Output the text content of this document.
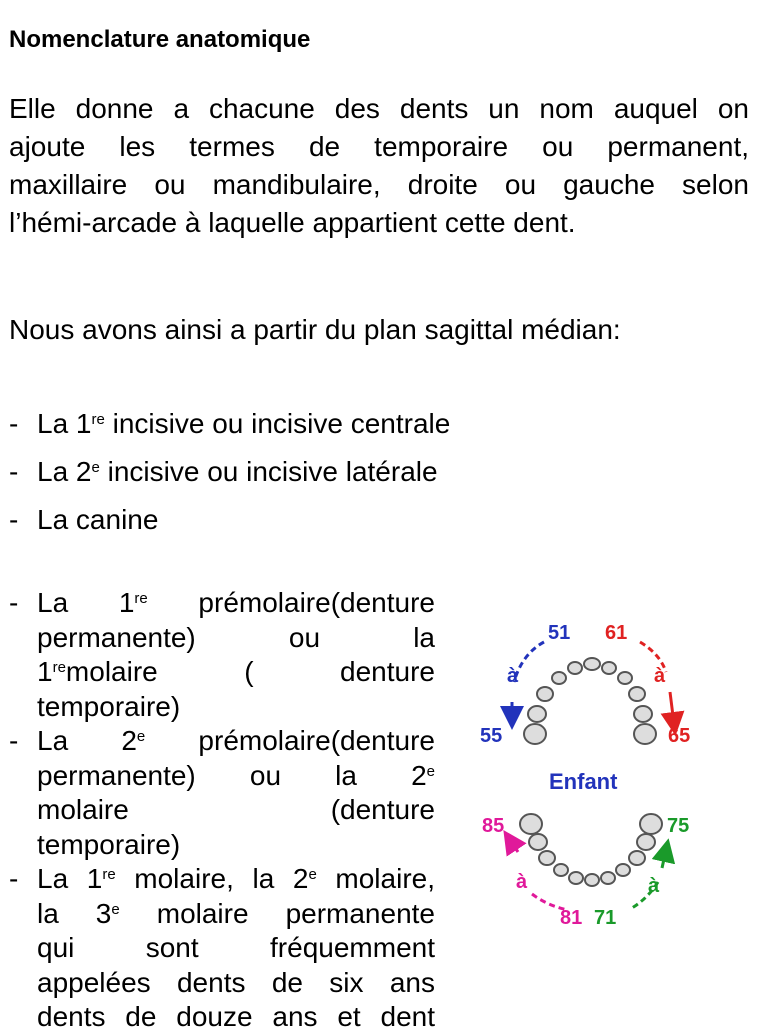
Nomenclature anatomique
Elle donne a chacune des dents un nom auquel on
ajoute les termes de temporaire ou permanent,
maxillaire ou mandibulaire, droite ou gauche selon
l’hémi-arcade à laquelle appartient cette dent.
Nous avons ainsi a partir du plan sagittal médian:
- La 1re incisive ou incisive centrale
- La 2e incisive ou incisive latérale
- La canine
- La   1re   prémolaire(denture
permanente)          ou          la
1remolaire       (       denture
temporaire)
- La   2e   prémolaire(denture
permanente)      ou      la      2e
molaire                    (denture
temporaire)
- La 1re molaire, la 2e molaire,
la  3e  molaire  permanente
qui        sont        fréquemment
appelées dents de six ans
dents de douze ans et dent
51 61
à	à
55	65
Enfant
85	75
à	à
81 71
